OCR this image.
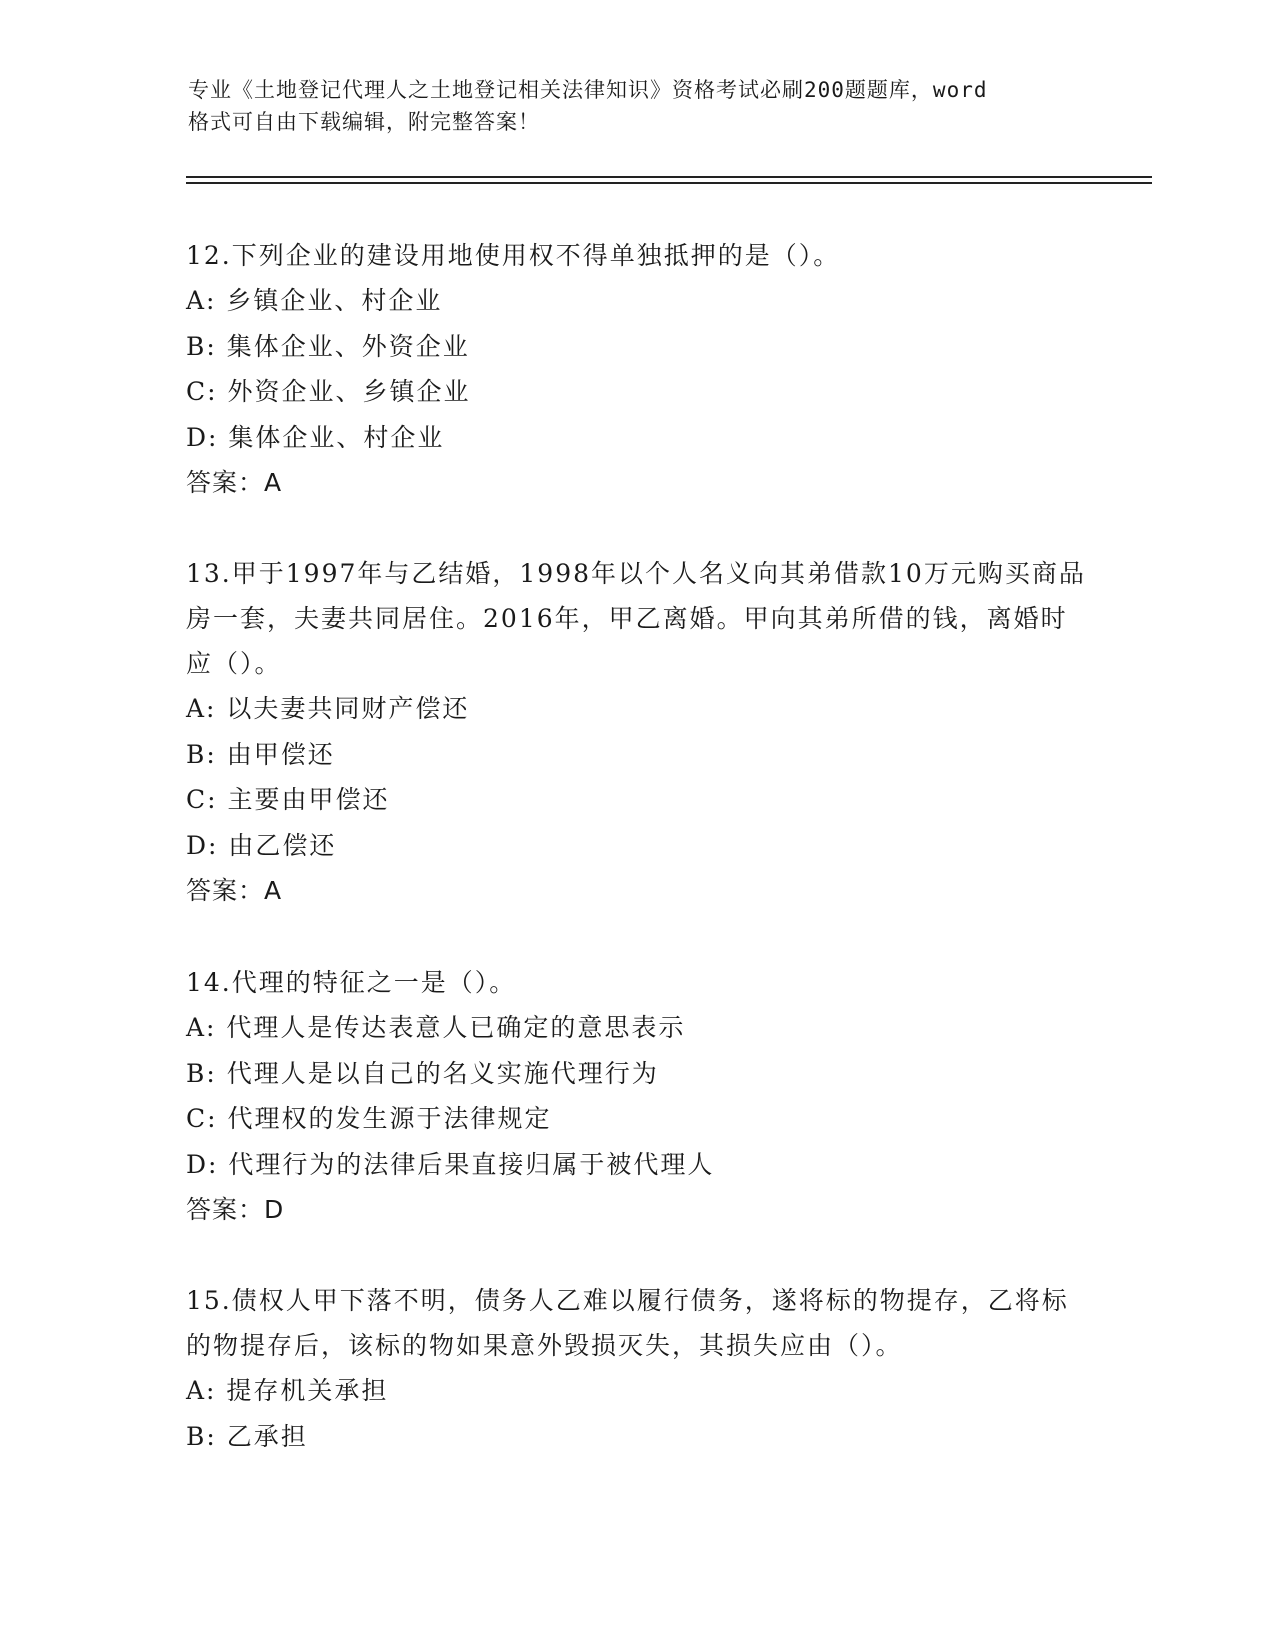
专业《土地登记代理人之土地登记相关法律知识》资格考试必刷200题题库，word
格式可自由下载编辑，附完整答案！

12.下列企业的建设用地使用权不得单独抵押的是（）。

A: 乡镇企业、村企业
B: 集体企业、外资企业
C: 外资企业、乡镇企业
D: 集体企业、村企业
答案：A

13.甲于1997年与乙结婚，1998年以个人名义向其弟借款10万元购买商品房一套，夫妻共同居住。2016年，甲乙离婚。甲向其弟所借的钱，离婚时应（）。

A: 以夫妻共同财产偿还
B: 由甲偿还
C: 主要由甲偿还
D: 由乙偿还
答案：A

14.代理的特征之一是（）。

A: 代理人是传达表意人已确定的意思表示
B: 代理人是以自己的名义实施代理行为
C: 代理权的发生源于法律规定
D: 代理行为的法律后果直接归属于被代理人
答案：D

15.债权人甲下落不明，债务人乙难以履行债务，遂将标的物提存，乙将标的物提存后，该标的物如果意外毁损灭失，其损失应由（）。

A: 提存机关承担
B: 乙承担
